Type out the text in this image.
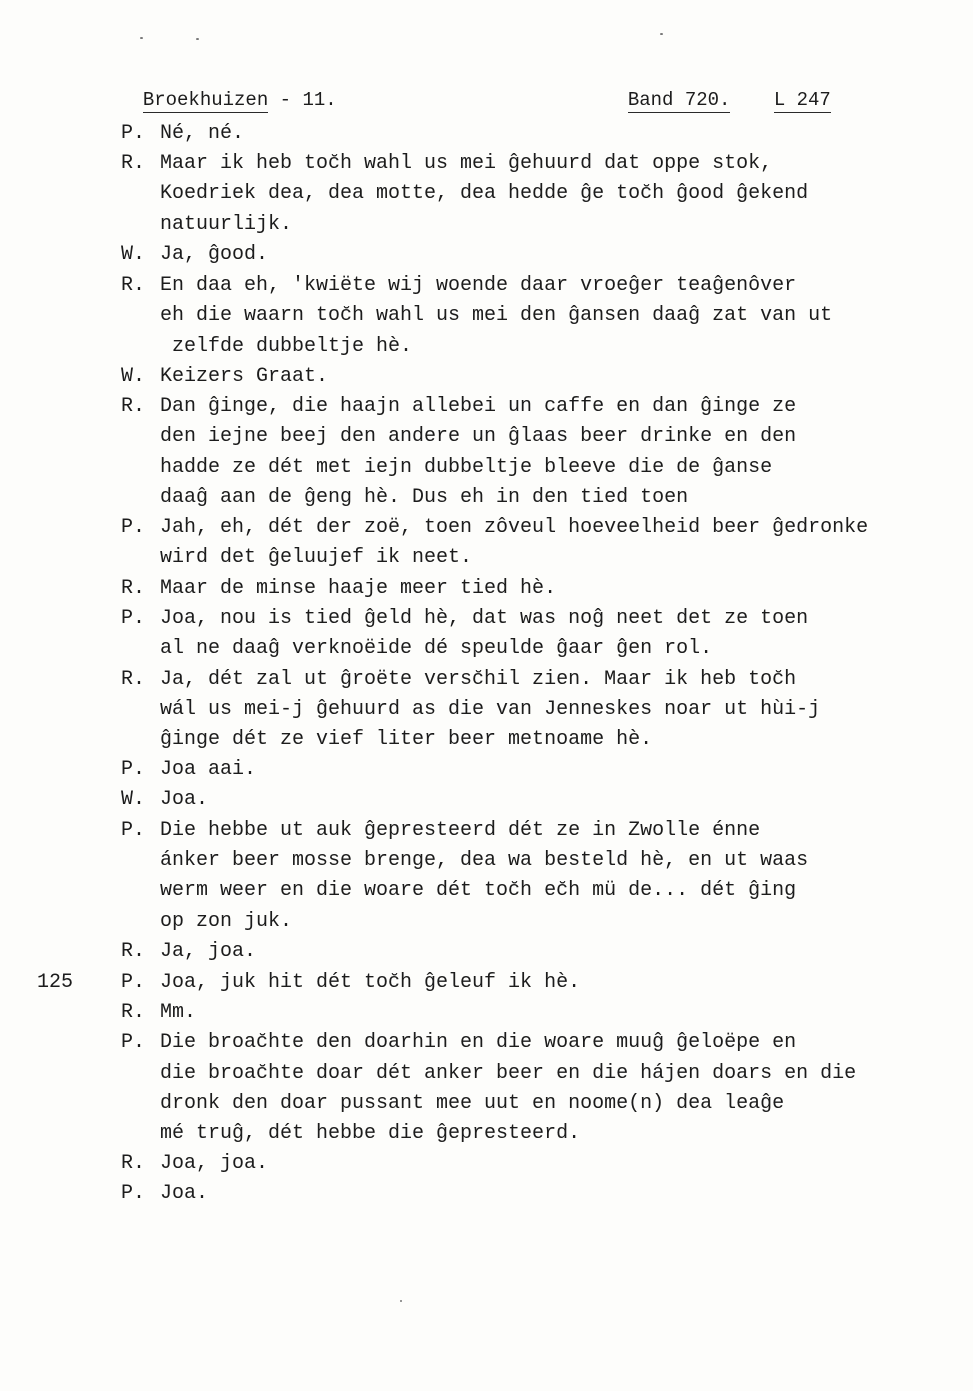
Broekhuizen - 11.	Band 720.	L 247

P. Né, né.
R. Maar ik heb toc̆h wahl us mei ĝehuurd dat oppe stok,
Koedriek dea, dea motte, dea hedde ĝe toc̆h ĝood ĝekend
natuurlijk.
W. Ja, ĝood.
R. En daa eh, 'kwiëte wij woende daar vroeĝer teaĝenôver
eh die waarn toc̆h wahl us mei den ĝansen daaĝ zat van ut
zelfde dubbeltje hè.
W. Keizers Graat.
R. Dan ĝinge, die haajn allebei un caffe en dan ĝinge ze
den iejne beej den andere un ĝlaas beer drinke en den
hadde ze dét met iejn dubbeltje bleeve die de ĝanse
daaĝ aan de ĝeng hè. Dus eh in den tied toen
P. Jah, eh, dét der zoë, toen zôveul hoeveelheid beer ĝedronke
wird det ĝeluujef ik neet.
R. Maar de minse haaje meer tied hè.
P. Joa, nou is tied ĝeld hè, dat was noĝ neet det ze toen
al ne daaĝ verknoëide dé speulde ĝaar ĝen rol.
R. Ja, dét zal ut ĝroëte versc̆hil zien. Maar ik heb toc̆h
wál us mei-j ĝehuurd as die van Jenneskes noar ut hùi-j
ĝinge dét ze vief liter beer metnoame hè.
P. Joa aai.
W. Joa.
P. Die hebbe ut auk ĝepresteerd dét ze in Zwolle énne
ánker beer mosse brenge, dea wa besteld hè, en ut waas
werm weer en die woare dét toc̆h ec̆h mü de... dét ĝing
op zon juk.
R. Ja, joa.
125 P. Joa, juk hit dét toc̆h ĝeleuf ik hè.
R. Mm.
P. Die broac̆hte den doarhin en die woare muuĝ ĝeloëpe en
die broac̆hte doar dét anker beer en die hájen doars en die
dronk den doar pussant mee uut en noome(n) dea leaĝe
mé truĝ, dét hebbe die ĝepresteerd.
R. Joa, joa.
P. Joa.
